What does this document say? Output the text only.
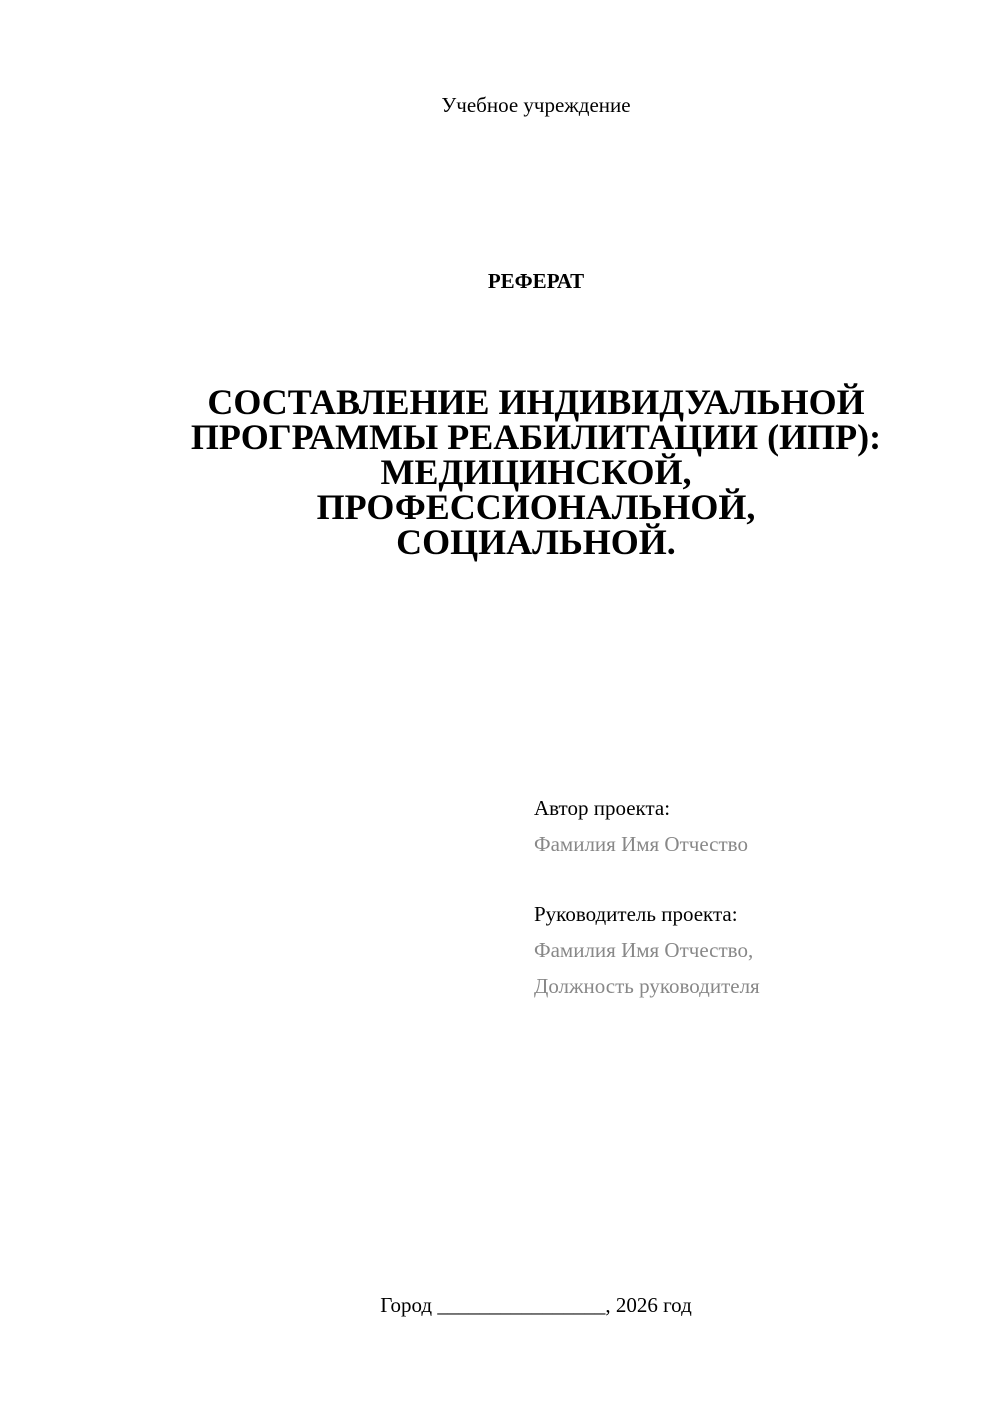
Учебное учреждение
РЕФЕРАТ
СОСТАВЛЕНИЕ ИНДИВИДУАЛЬНОЙ
ПРОГРАММЫ РЕАБИЛИТАЦИИ (ИПР):
МЕДИЦИНСКОЙ,
ПРОФЕССИОНАЛЬНОЙ,
СОЦИАЛЬНОЙ.
Автор проекта:
Фамилия Имя Отчество
Руководитель проекта:
Фамилия Имя Отчество,
Должность руководителя
Город ________________, 2026 год
